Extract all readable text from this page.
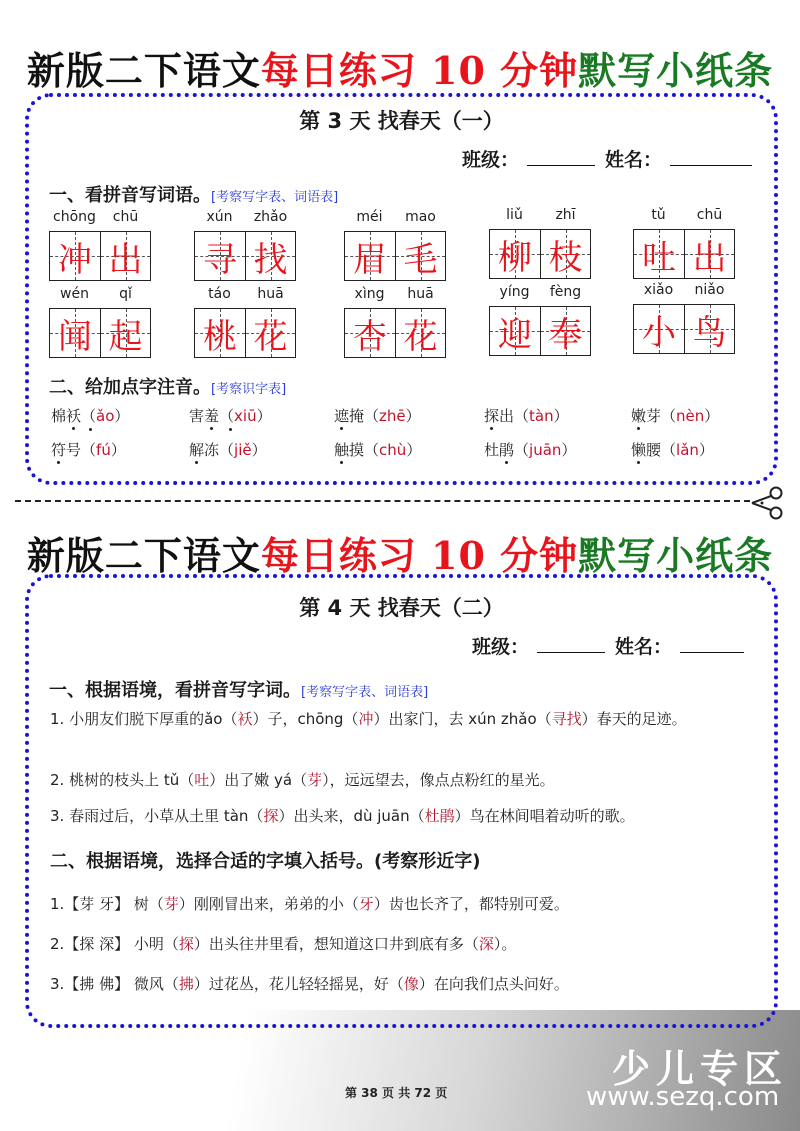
新版二下语文每日练习 10 分钟默写小纸条
第 3 天 找春天（一）
班级：	姓名：
一、看拼音写词语。[考察写字表、词语表]
chōng	chū
冲 出
xún	zhǎo
寻 找
méi	mao
眉 毛
liǔ	zhī
柳 枝
tǔ	chū
吐 出
wén	qǐ
闻 起
táo	huā
桃 花
xìng	huā
杏 花
yíng	fèng
迎 奉
xiǎo	niǎo
小 鸟
二、给加点字注音。[考察识字表]
棉袄（ǎo）	害羞（xiū）	遮掩（zhē）	探出（tàn）	嫩芽（nèn）
符号（fú）	解冻（jiě）	触摸（chù）	杜鹃（juān）	懒腰（lǎn）
新版二下语文每日练习 10 分钟默写小纸条
第 4 天 找春天（二）
班级：	姓名：
一、根据语境，看拼音写字词。[考察写字表、词语表]
1. 小朋友们脱下厚重的ǎo（袄）子，chōng（冲）出家门，去 xún zhǎo（寻找）春天的足迹。
2. 桃树的枝头上 tǔ（吐）出了嫩 yá（芽），远远望去，像点点粉红的星光。
3. 春雨过后，小草从土里 tàn（探）出头来，dù juān（杜鹃）鸟在林间唱着动听的歌。
二、根据语境，选择合适的字填入括号。(考察形近字)
1.【芽 牙】 树（芽）刚刚冒出来，弟弟的小（牙）齿也长齐了，都特别可爱。
2.【探 深】 小明（探）出头往井里看，想知道这口井到底有多（深）。
3.【拂 佛】 微风（拂）过花丛，花儿轻轻摇晃，好（像）在向我们点头问好。
第 38 页 共 72 页
少儿专区
www.sezq.com
